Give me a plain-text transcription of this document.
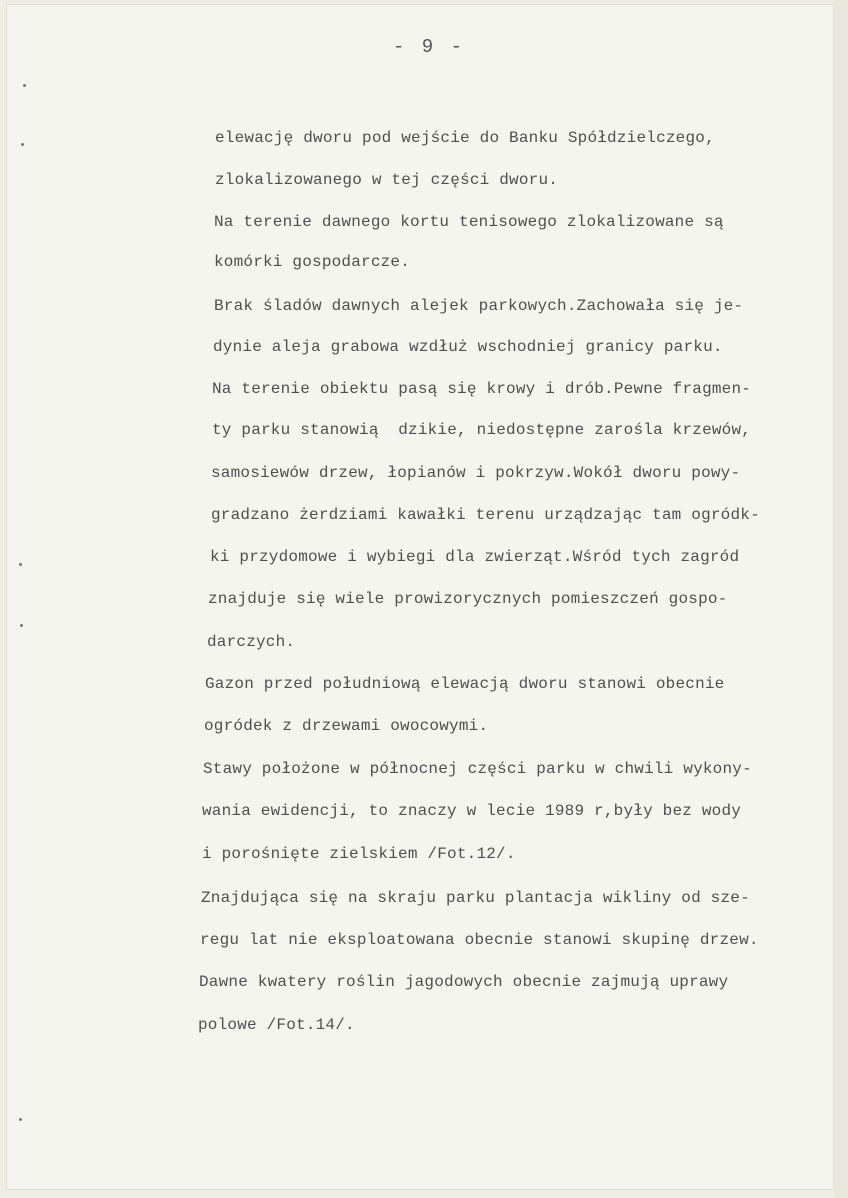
- 9 -
elewację dworu pod wejście do Banku Spółdzielczego,
zlokalizowanego w tej części dworu.
Na terenie dawnego kortu tenisowego zlokalizowane są
komórki gospodarcze.
Brak śladów dawnych alejek parkowych.Zachowała się je-
dynie aleja grabowa wzdłuż wschodniej granicy parku.
Na terenie obiektu pasą się krowy i drób.Pewne fragmen-
ty parku stanowią  dzikie, niedostępne zarośla krzewów,
samosiewów drzew, łopianów i pokrzyw.Wokół dworu powy-
gradzano żerdziami kawałki terenu urządzając tam ogródk-
ki przydomowe i wybiegi dla zwierząt.Wśród tych zagród
znajduje się wiele prowizorycznych pomieszczeń gospo-
darczych.
Gazon przed południową elewacją dworu stanowi obecnie
ogródek z drzewami owocowymi.
Stawy położone w północnej części parku w chwili wykony-
wania ewidencji, to znaczy w lecie 1989 r,były bez wody
i porośnięte zielskiem /Fot.12/.
Znajdująca się na skraju parku plantacja wikliny od sze-
regu lat nie eksploatowana obecnie stanowi skupinę drzew.
Dawne kwatery roślin jagodowych obecnie zajmują uprawy
polowe /Fot.14/.
